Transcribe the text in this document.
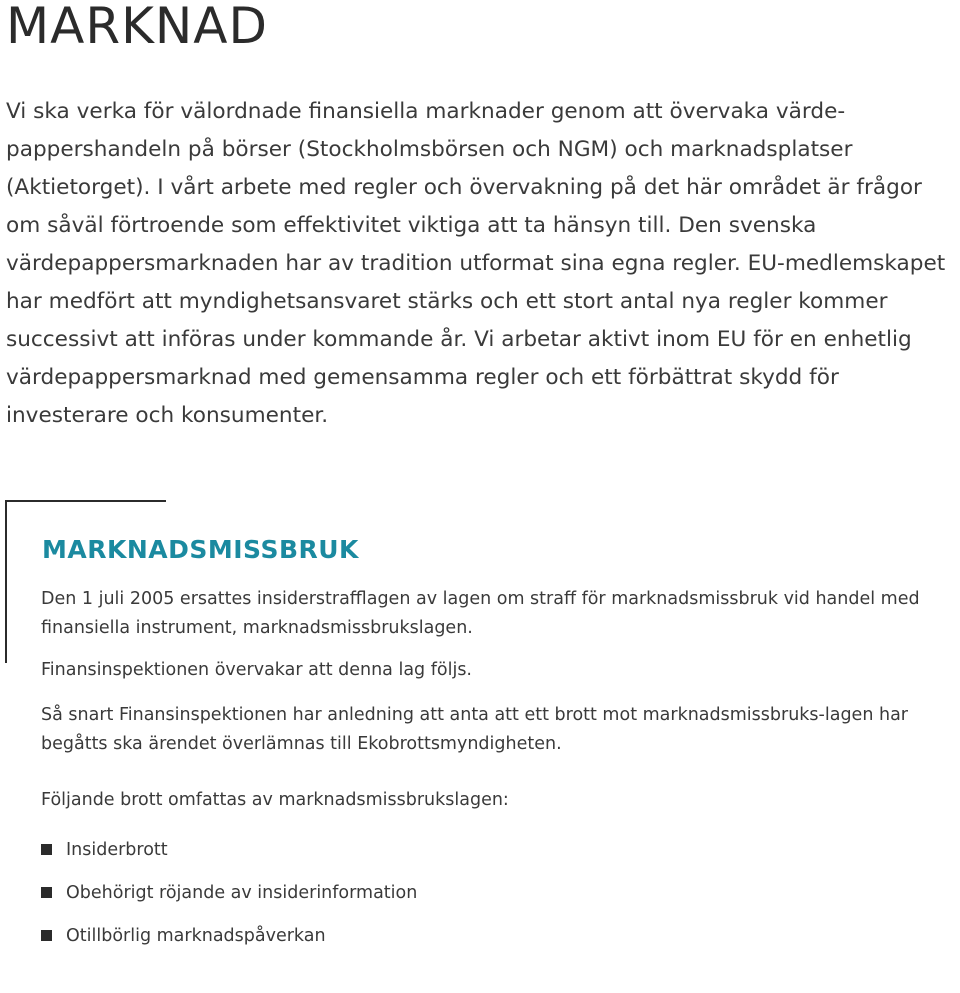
MARKNAD

Vi ska verka för välordnade finansiella marknader genom att övervaka värde-pappershandeln på börser (Stockholmsbörsen och NGM) och marknadsplatser (Aktietorget). I vårt arbete med regler och övervakning på det här området är frågor om såväl förtroende som effektivitet viktiga att ta hänsyn till. Den svenska värdepappersmarknaden har av tradition utformat sina egna regler. EU-medlemskapet har medfört att myndighetsansvaret stärks och ett stort antal nya regler kommer successivt att införas under kommande år. Vi arbetar aktivt inom EU för en enhetlig värdepappersmarknad med gemensamma regler och ett förbättrat skydd för investerare och konsumenter.

MARKNADSMISSBRUK

Den 1 juli 2005 ersattes insiderstrafflagen av lagen om straff för marknadsmissbruk vid handel med finansiella instrument, marknadsmissbrukslagen.

Finansinspektionen övervakar att denna lag följs.

Så snart Finansinspektionen har anledning att anta att ett brott mot marknadsmissbruks-lagen har begåtts ska ärendet överlämnas till Ekobrottsmyndigheten.

Följande brott omfattas av marknadsmissbrukslagen:

Insiderbrott
Obehörigt röjande av insiderinformation
Otillbörlig marknadspåverkan
